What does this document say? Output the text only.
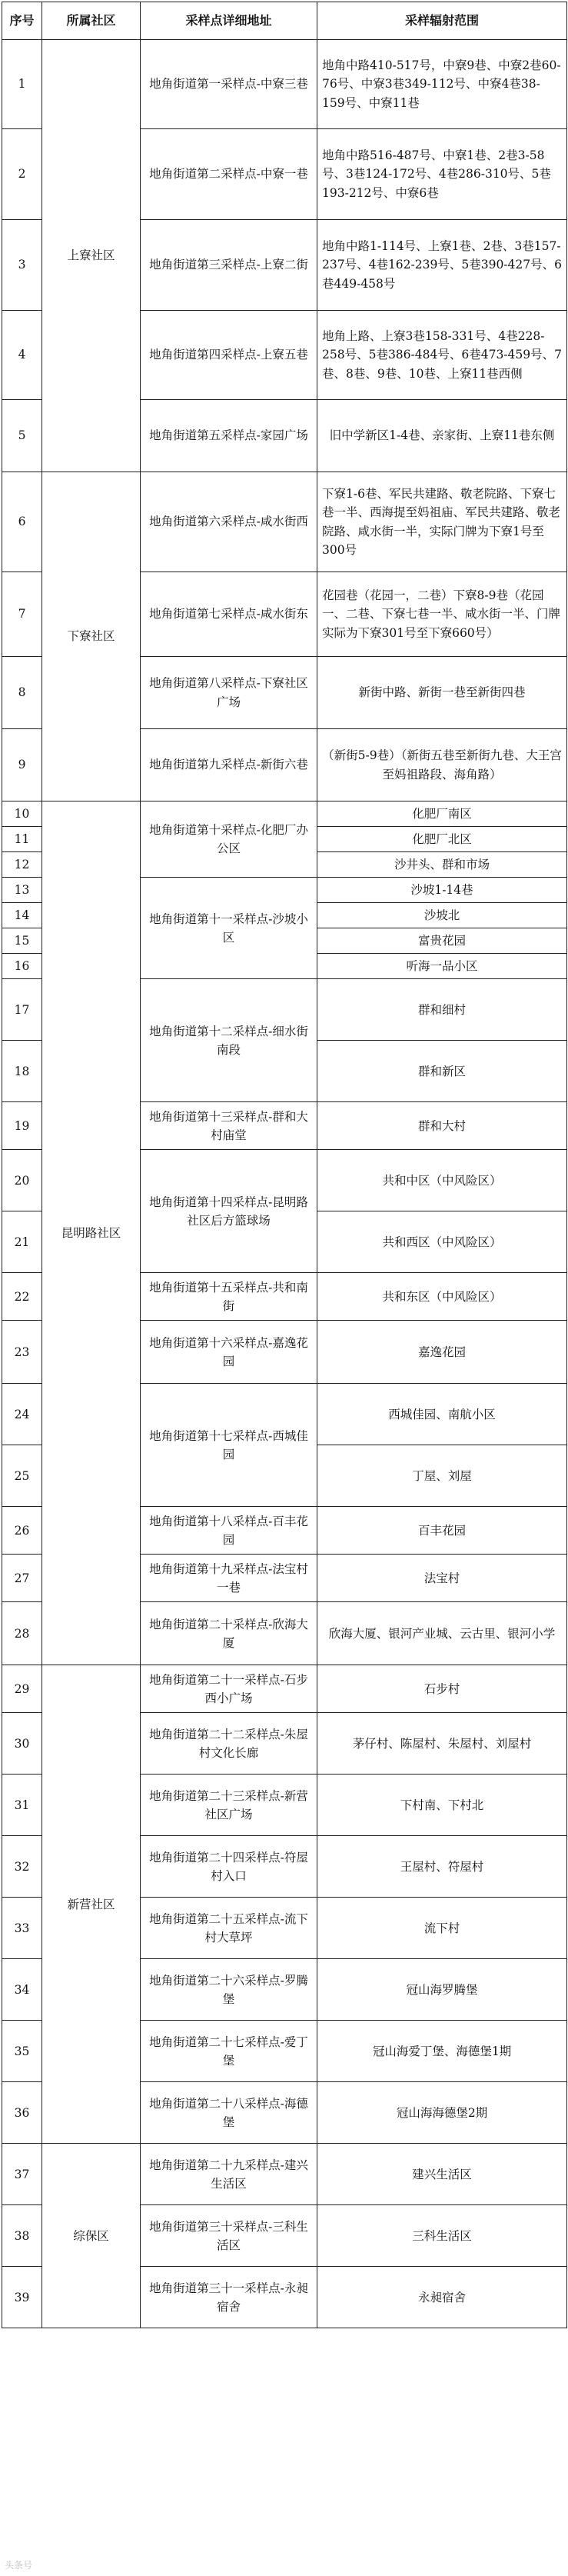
序号	所属社区	采样点详细地址	采样辐射范围
1	上寮社区	地角街道第一采样点-中寮三巷	地角中路410-517号，中寮9巷、中寮2巷60-76号、中寮3巷349-112号、中寮4巷38-159号、中寮11巷
2		地角街道第二采样点-中寮一巷	地角中路516-487号、中寮1巷、2巷3-58号、3巷124-172号、4巷286-310号、5巷193-212号、中寮6巷
3		地角街道第三采样点-上寮二街	地角中路1-114号、上寮1巷、2巷、3巷157-237号、4巷162-239号、5巷390-427号、6巷449-458号
4		地角街道第四采样点-上寮五巷	地角上路、上寮3巷158-331号、4巷228-258号、5巷386-484号、6巷473-459号、7巷、8巷、9巷、10巷、上寮11巷西侧
5		地角街道第五采样点-家园广场	旧中学新区1-4巷、亲家街、上寮11巷东侧
6	下寮社区	地角街道第六采样点-咸水街西	下寮1-6巷、军民共建路、敬老院路、下寮七巷一半、西海提至妈祖庙、军民共建路、敬老院路、咸水街一半，实际门牌为下寮1号至300号
7		地角街道第七采样点-咸水街东	花园巷（花园一，二巷）下寮8-9巷（花园一、二巷、下寮七巷一半、咸水街一半、门牌实际为下寮301号至下寮660号）
8		地角街道第八采样点-下寮社区广场	新街中路、新街一巷至新街四巷
9		地角街道第九采样点-新街六巷	（新街5-9巷）（新街五巷至新街九巷、大王宫至妈祖路段、海角路）
10	昆明路社区	地角街道第十采样点-化肥厂办公区	化肥厂南区
11			化肥厂北区
12			沙井头、群和市场
13		地角街道第十一采样点-沙坡小区	沙坡1-14巷
14			沙坡北
15			富贵花园
16			听海一品小区
17		地角街道第十二采样点-细水街南段	群和细村
18			群和新区
19		地角街道第十三采样点-群和大村庙堂	群和大村
20		地角街道第十四采样点-昆明路社区后方篮球场	共和中区（中风险区）
21			共和西区（中风险区）
22		地角街道第十五采样点-共和南街	共和东区（中风险区）
23		地角街道第十六采样点-嘉逸花园	嘉逸花园
24		地角街道第十七采样点-西城佳园	西城佳园、南航小区
25			丁屋、刘屋
26		地角街道第十八采样点-百丰花园	百丰花园
27		地角街道第十九采样点-法宝村一巷	法宝村
28		地角街道第二十采样点-欣海大厦	欣海大厦、银河产业城、云古里、银河小学
29	新营社区	地角街道第二十一采样点-石步西小广场	石步村
30		地角街道第二十二采样点-朱屋村文化长廊	茅仔村、陈屋村、朱屋村、刘屋村
31		地角街道第二十三采样点-新营社区广场	下村南、下村北
32		地角街道第二十四采样点-符屋村入口	王屋村、符屋村
33		地角街道第二十五采样点-流下村大草坪	流下村
34		地角街道第二十六采样点-罗腾堡	冠山海罗腾堡
35		地角街道第二十七采样点-爱丁堡	冠山海爱丁堡、海德堡1期
36		地角街道第二十八采样点-海德堡	冠山海海德堡2期
37	综保区	地角街道第二十九采样点-建兴生活区	建兴生活区
38		地角街道第三十采样点-三科生活区	三科生活区
39		地角街道第三十一采样点-永昶宿舍	永昶宿舍
头条号
